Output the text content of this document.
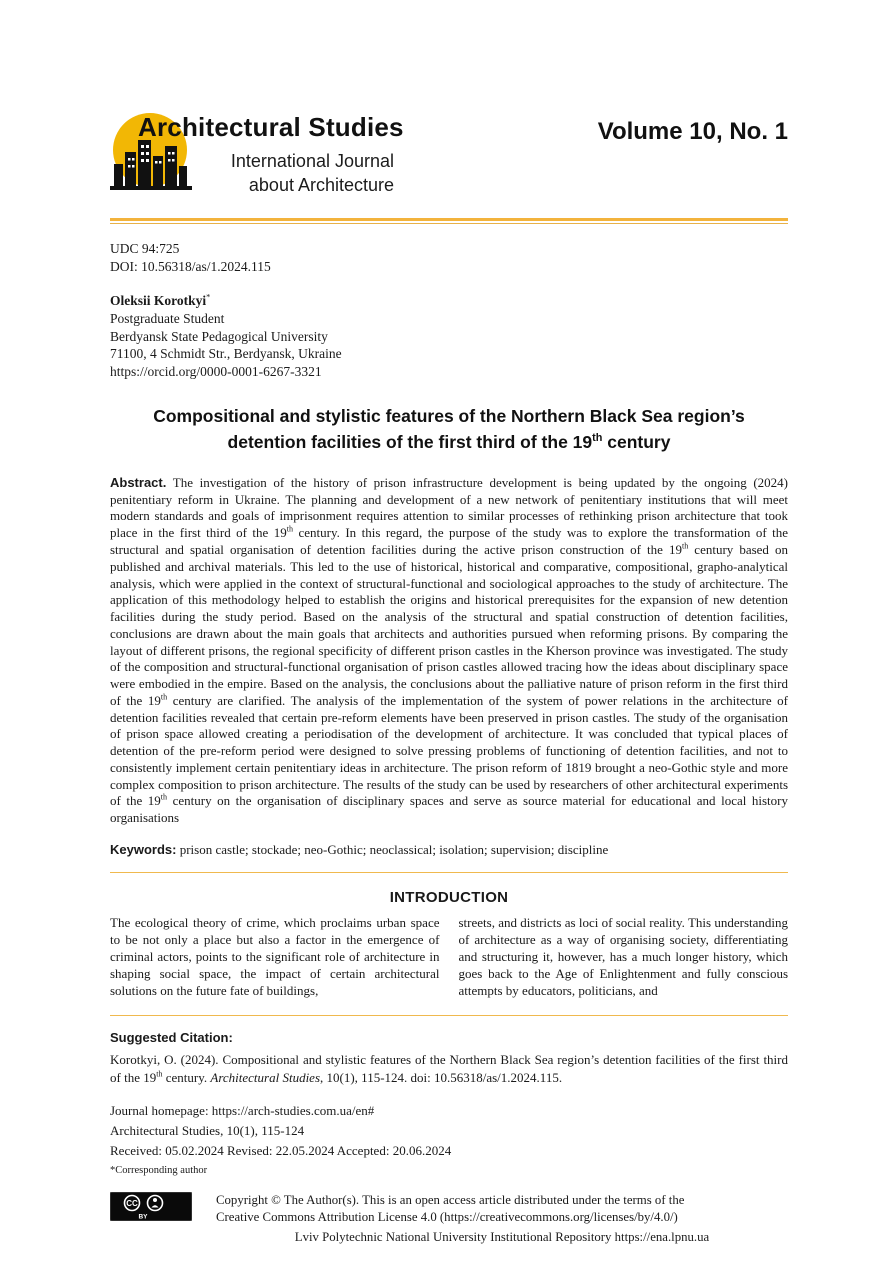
Architectural Studies
International Journal
about Architecture
Volume 10, No. 1
UDC 94:725
DOI: 10.56318/as/1.2024.115
Oleksii Korotkyi*
Postgraduate Student
Berdyansk State Pedagogical University
71100, 4 Schmidt Str., Berdyansk, Ukraine
https://orcid.org/0000-0001-6267-3321
Compositional and stylistic features of the Northern Black Sea region’s detention facilities of the first third of the 19th century

Abstract. The investigation of the history of prison infrastructure development is being updated by the ongoing (2024) penitentiary reform in Ukraine. The planning and development of a new network of penitentiary institutions that will meet modern standards and goals of imprisonment requires attention to similar processes of rethinking prison architecture that took place in the first third of the 19th century. In this regard, the purpose of the study was to explore the transformation of the structural and spatial organisation of detention facilities during the active prison construction of the 19th century based on published and archival materials. This led to the use of historical, historical and comparative, compositional, grapho-analytical analysis, which were applied in the context of structural-functional and sociological approaches to the study of architecture. The application of this methodology helped to establish the origins and historical prerequisites for the expansion of new detention facilities during the study period. Based on the analysis of the structural and spatial construction of detention facilities, conclusions are drawn about the main goals that architects and authorities pursued when reforming prisons. By comparing the layout of different prisons, the regional specificity of different prison castles in the Kherson province was investigated. The study of the composition and structural-functional organisation of prison castles allowed tracing how the ideas about disciplinary space were embodied in the empire. Based on the analysis, the conclusions about the palliative nature of prison reform in the first third of the 19th century are clarified. The analysis of the implementation of the system of power relations in the architecture of detention facilities revealed that certain pre-reform elements have been preserved in prison castles. The study of the organisation of prison space allowed creating a periodisation of the development of architecture. It was concluded that typical places of detention of the pre-reform period were designed to solve pressing problems of functioning of detention facilities, and not to consistently implement certain penitentiary ideas in architecture. The prison reform of 1819 brought a neo-Gothic style and more complex composition to prison architecture. The results of the study can be used by researchers of other architectural experiments of the 19th century on the organisation of disciplinary spaces and serve as source material for educational and local history organisations

Keywords: prison castle; stockade; neo-Gothic; neoclassical; isolation; supervision; discipline

INTRODUCTION
The ecological theory of crime, which proclaims urban space to be not only a place but also a factor in the emergence of criminal actors, points to the significant role of architecture in shaping social space, the impact of certain architectural solutions on the future fate of buildings,
streets, and districts as loci of social reality. This understanding of architecture as a way of organising society, differentiating and structuring it, however, has a much longer history, which goes back to the Age of Enlightenment and fully conscious attempts by educators, politicians, and
Suggested Citation:
Korotkyi, O. (2024). Compositional and stylistic features of the Northern Black Sea region’s detention facilities of the first third of the 19th century. Architectural Studies, 10(1), 115-124. doi: 10.56318/as/1.2024.115.
Journal homepage: https://arch-studies.com.ua/en#
Architectural Studies, 10(1), 115-124
Received: 05.02.2024 Revised: 22.05.2024 Accepted: 20.06.2024
*Corresponding author
CC
BY
Copyright © The Author(s). This is an open access article distributed under the terms of the
Creative Commons Attribution License 4.0 (https://creativecommons.org/licenses/by/4.0/)
Lviv Polytechnic National University Institutional Repository https://ena.lpnu.ua
